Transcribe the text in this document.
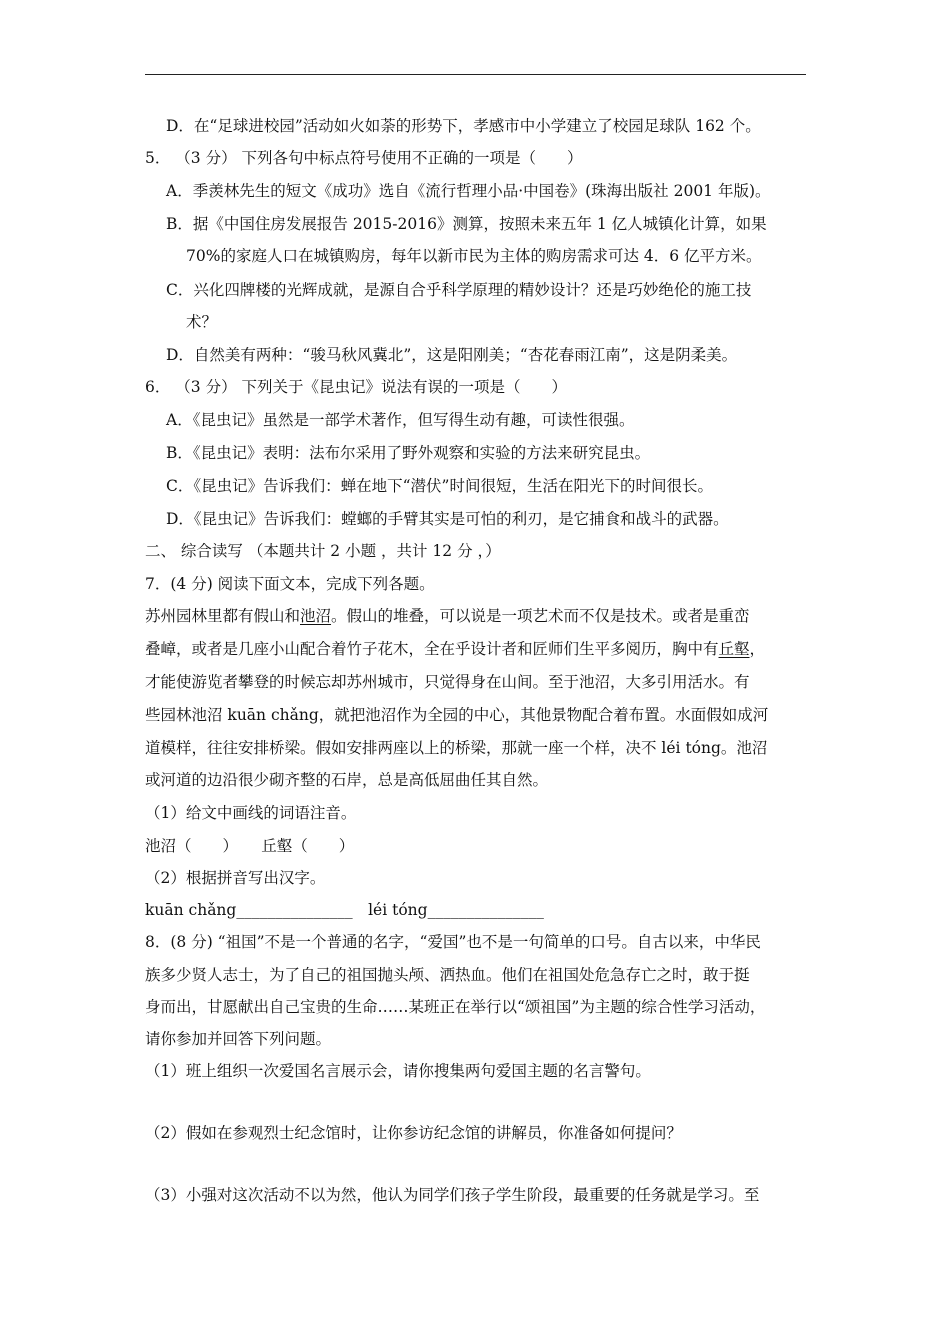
D．在“足球进校园”活动如火如荼的形势下，孝感市中小学建立了校园足球队 162 个。
5． （3 分） 下列各句中标点符号使用不正确的一项是（　　）
A．季羡林先生的短文《成功》选自《流行哲理小品·中国卷》(珠海出版社 2001 年版)。
B．据《中国住房发展报告 2015-2016》测算，按照未来五年 1 亿人城镇化计算，如果
70%的家庭人口在城镇购房，每年以新市民为主体的购房需求可达 4．6 亿平方米。
C．兴化四牌楼的光辉成就，是源自合乎科学原理的精妙设计？还是巧妙绝伦的施工技
术？
D．自然美有两种：“骏马秋风冀北”，这是阳刚美；“杏花春雨江南”，这是阴柔美。
6． （3 分） 下列关于《昆虫记》说法有误的一项是（　　）
A．《昆虫记》虽然是一部学术著作，但写得生动有趣，可读性很强。
B．《昆虫记》表明：法布尔采用了野外观察和实验的方法来研究昆虫。
C．《昆虫记》告诉我们：蝉在地下“潜伏”时间很短，生活在阳光下的时间很长。
D．《昆虫记》告诉我们：螳螂的手臂其实是可怕的利刃，是它捕食和战斗的武器。
二、 综合读写 （本题共计 2 小题 ，共计 12 分 ，）
7．(4 分) 阅读下面文本，完成下列各题。
苏州园林里都有假山和池沼。假山的堆叠，可以说是一项艺术而不仅是技术。或者是重峦
叠嶂，或者是几座小山配合着竹子花木，全在乎设计者和匠师们生平多阅历，胸中有丘壑，
才能使游览者攀登的时候忘却苏州城市，只觉得身在山间。至于池沼，大多引用活水。有
些园林池沼 kuān chǎng，就把池沼作为全园的中心，其他景物配合着布置。水面假如成河
道模样，往往安排桥梁。假如安排两座以上的桥梁，那就一座一个样，决不 léi tóng。池沼
或河道的边沿很少砌齐整的石岸，总是高低屈曲任其自然。
（1）给文中画线的词语注音。
池沼（　　）　　丘壑（　　）
（2）根据拼音写出汉字。
kuān chǎng_______________　léi tóng_______________
8．(8 分) “祖国”不是一个普通的名字，“爱国”也不是一句简单的口号。自古以来，中华民
族多少贤人志士，为了自己的祖国抛头颅、洒热血。他们在祖国处危急存亡之时，敢于挺
身而出，甘愿献出自己宝贵的生命……某班正在举行以“颂祖国”为主题的综合性学习活动，
请你参加并回答下列问题。
（1）班上组织一次爱国名言展示会，请你搜集两句爱国主题的名言警句。
（2）假如在参观烈士纪念馆时，让你参访纪念馆的讲解员，你准备如何提问？
（3）小强对这次活动不以为然，他认为同学们孩子学生阶段，最重要的任务就是学习。至
